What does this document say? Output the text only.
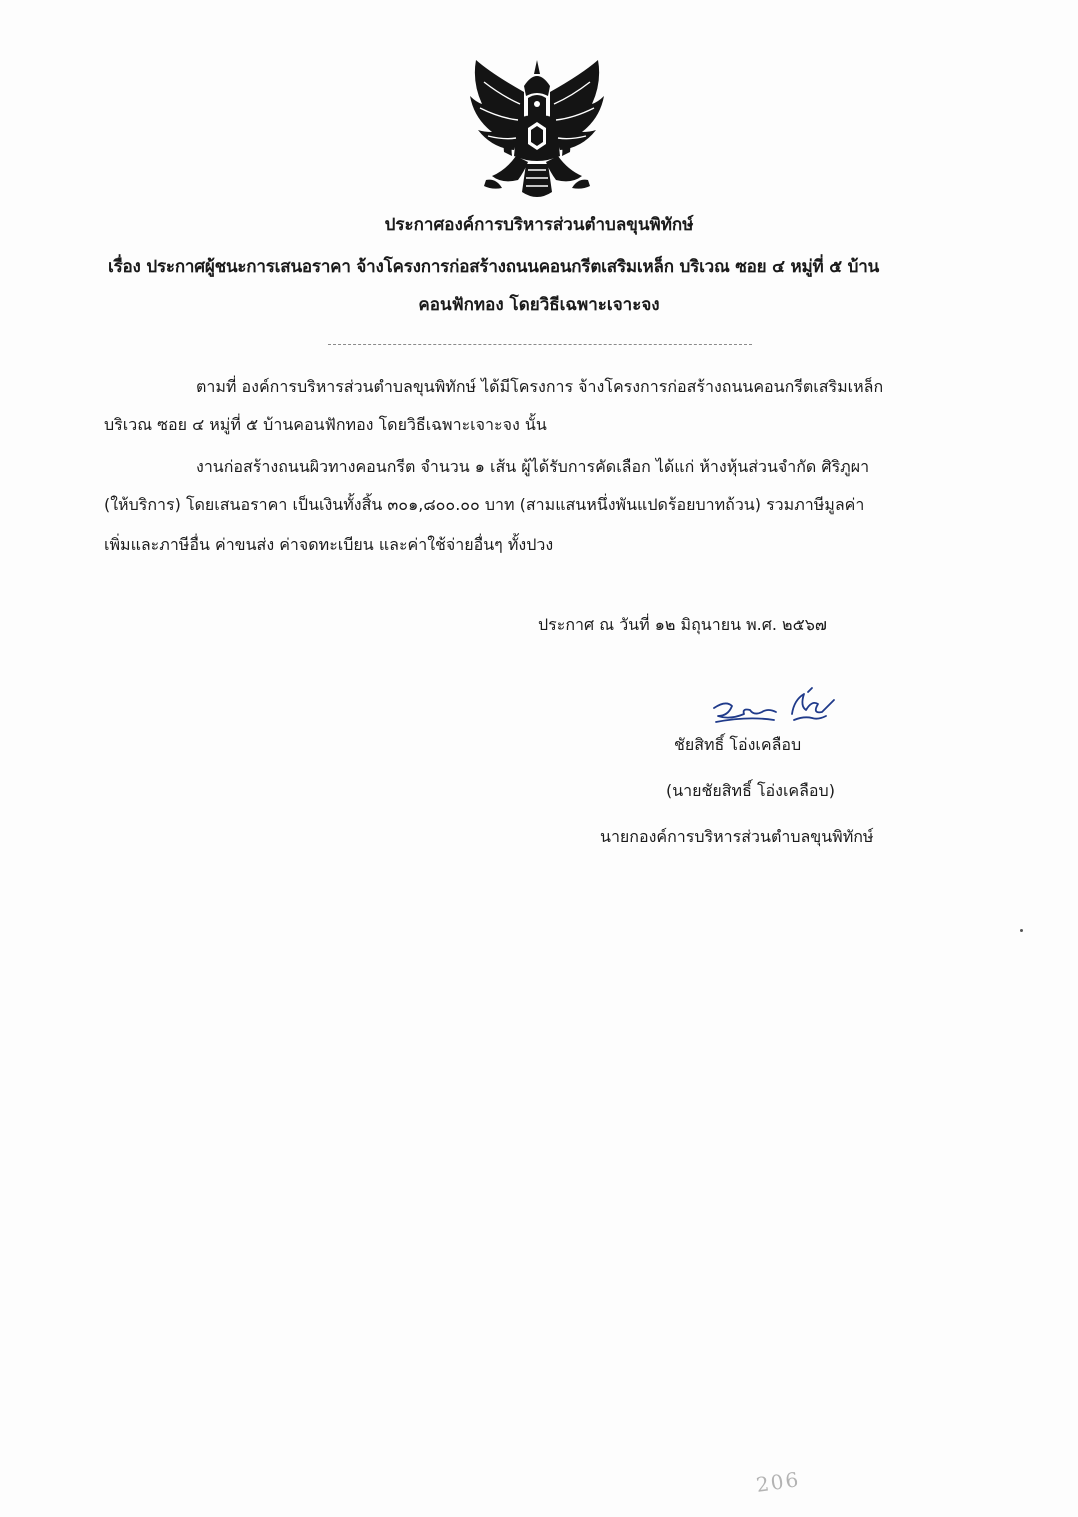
ประกาศองค์การบริหารส่วนตำบลขุนพิทักษ์
เรื่อง ประกาศผู้ชนะการเสนอราคา จ้างโครงการก่อสร้างถนนคอนกรีตเสริมเหล็ก บริเวณ ซอย ๔ หมู่ที่ ๕ บ้าน
คอนฟักทอง โดยวิธีเฉพาะเจาะจง
ตามที่ องค์การบริหารส่วนตำบลขุนพิทักษ์ ได้มีโครงการ จ้างโครงการก่อสร้างถนนคอนกรีตเสริมเหล็ก
บริเวณ ซอย ๔ หมู่ที่ ๕ บ้านคอนฟักทอง โดยวิธีเฉพาะเจาะจง นั้น
งานก่อสร้างถนนผิวทางคอนกรีต จำนวน ๑ เส้น ผู้ได้รับการคัดเลือก ได้แก่ ห้างหุ้นส่วนจำกัด ศิริภูผา
(ให้บริการ) โดยเสนอราคา เป็นเงินทั้งสิ้น ๓๐๑,๘๐๐.๐๐ บาท (สามแสนหนึ่งพันแปดร้อยบาทถ้วน) รวมภาษีมูลค่า
เพิ่มและภาษีอื่น ค่าขนส่ง ค่าจดทะเบียน และค่าใช้จ่ายอื่นๆ ทั้งปวง
ประกาศ ณ วันที่ ๑๒ มิถุนายน พ.ศ. ๒๕๖๗
ชัยสิทธิ์ โอ่งเคลือบ
(นายชัยสิทธิ์ โอ่งเคลือบ)
นายกองค์การบริหารส่วนตำบลขุนพิทักษ์
206
